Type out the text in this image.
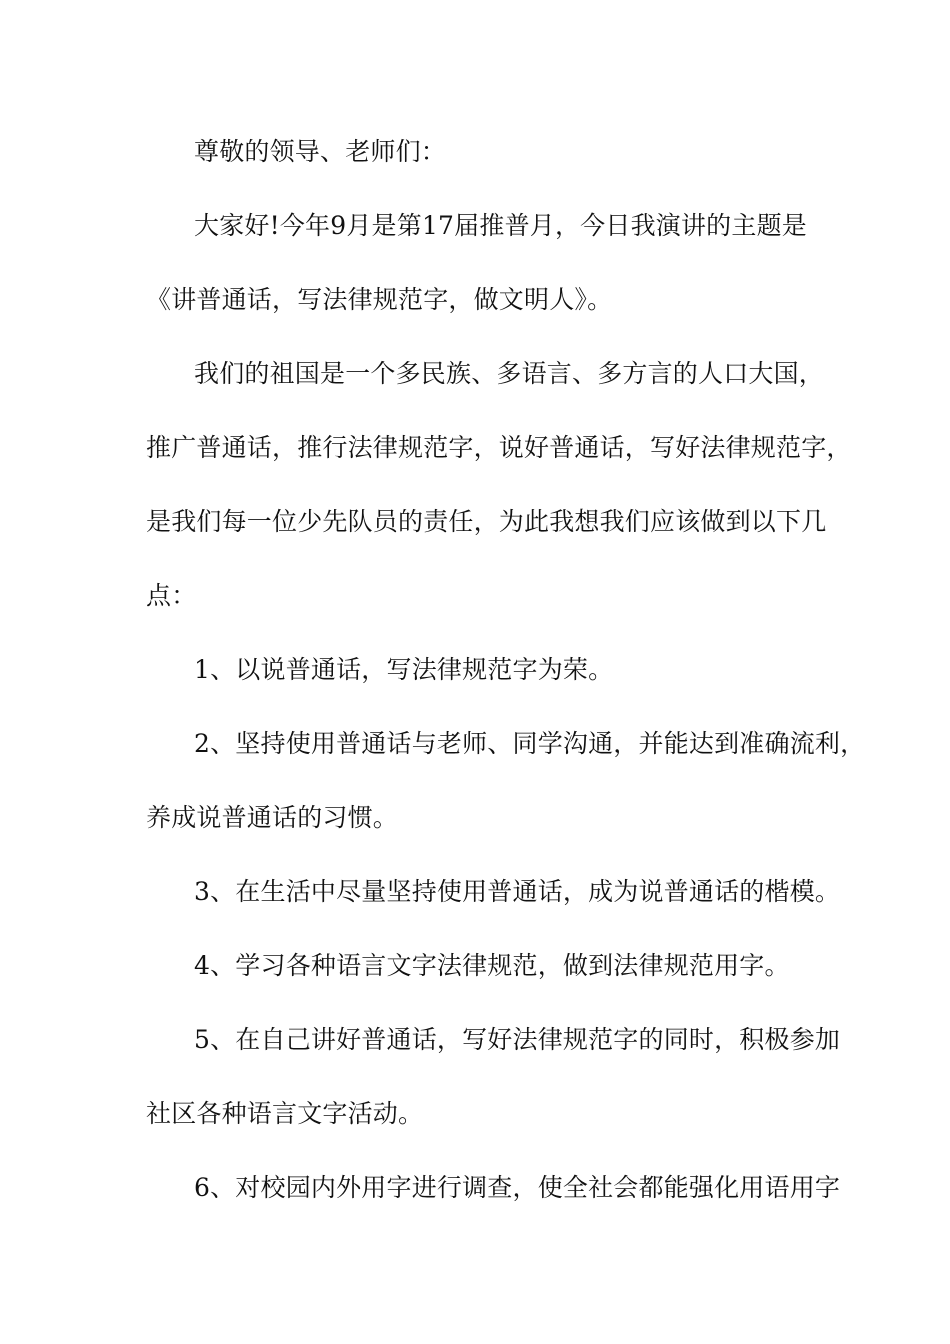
尊敬的领导、老师们：
大家好!今年9月是第17届推普月，今日我演讲的主题是
《讲普通话，写法律规范字，做文明人》。
我们的祖国是一个多民族、多语言、多方言的人口大国，
推广普通话，推行法律规范字，说好普通话，写好法律规范字，
是我们每一位少先队员的责任，为此我想我们应该做到以下几
点：
1、以说普通话，写法律规范字为荣。
2、坚持使用普通话与老师、同学沟通，并能达到准确流利，
养成说普通话的习惯。
3、在生活中尽量坚持使用普通话，成为说普通话的楷模。
4、学习各种语言文字法律规范，做到法律规范用字。
5、在自己讲好普通话，写好法律规范字的同时，积极参加
社区各种语言文字活动。
6、对校园内外用字进行调查，使全社会都能强化用语用字
